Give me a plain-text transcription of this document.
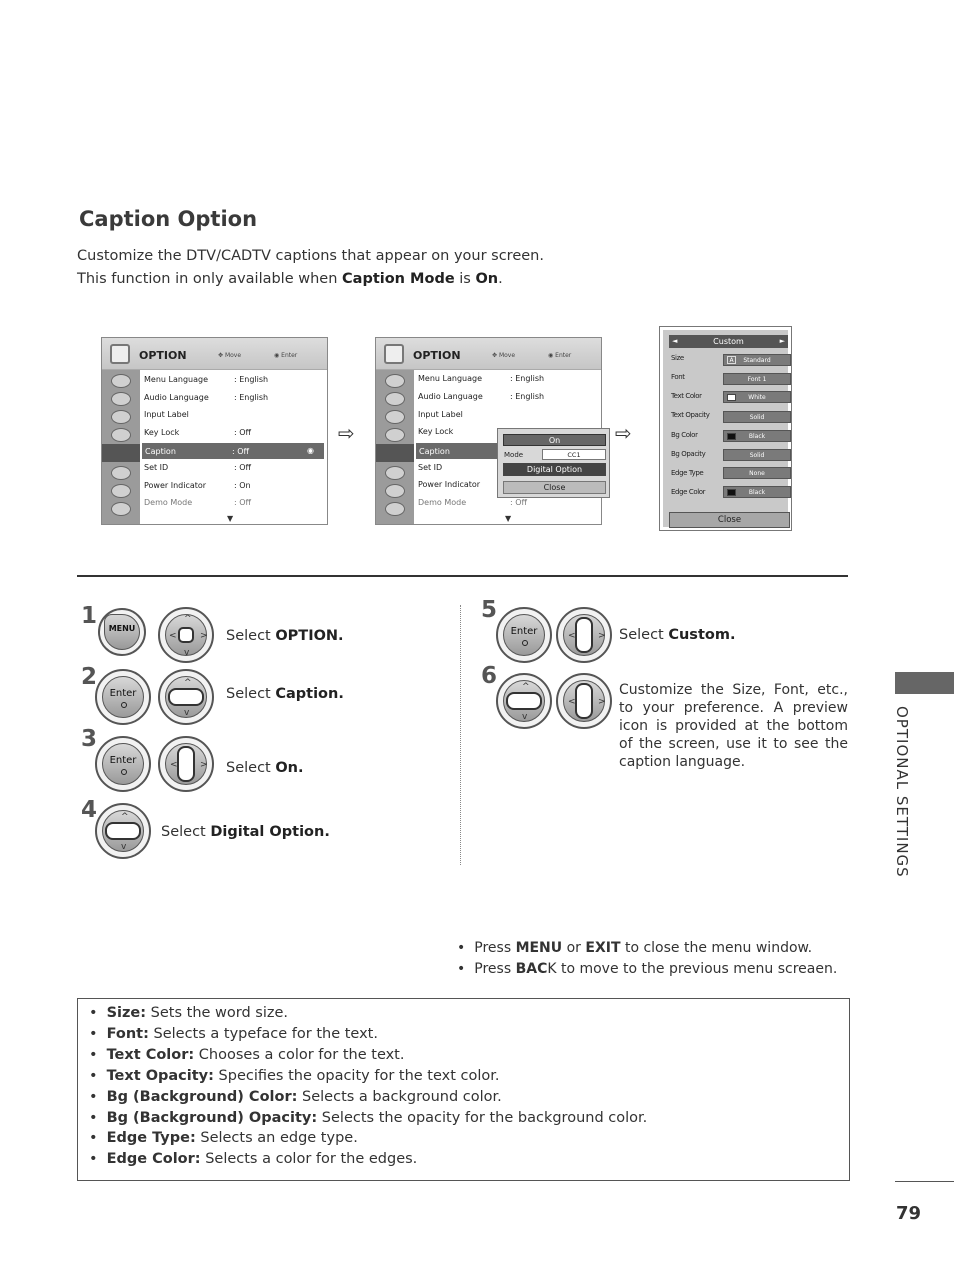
Caption Option
Customize the DTV/CADTV captions that appear on your screen.
This function in only available when Caption Mode is On.
OPTION	✥ Move	◉ Enter
Menu Language	: English
Audio Language	: English
Input Label
Key Lock	: Off
Caption	: Off	◉
Set ID	: Off
Power Indicator	: On
Demo Mode	: Off
▼
⇨
OPTION	✥ Move	◉ Enter
Menu Language	: English
Audio Language	: English
Input Label
Key Lock
Caption
Set ID
Power Indicator
Demo Mode	: Off
▼
On
Mode	CC1
Digital Option
Close
⇨
◄	Custom	►
Size	A	Standard
Font	Font 1
Text Color	White
Text Opacity	Solid
Bg Color	Black
Bg Opacity	Solid
Edge Type	None
Edge Color	Black
Close
1	MENU
^
v
<	> Select OPTION.
2
Enter
^
v
Select Caption.
3
Enter	< > Select On.
4	^
v
Select Digital Option.
5
Enter	< > Select Custom.
6	^
v
< >
Customize the Size, Font, etc., to your preference. A preview icon is provided at the bottom of the screen, use it to see the caption language.
• Press MENU or EXIT to close the menu window.
• Press BACK to move to the previous menu screaen.
• Size: Sets the word size.
• Font: Selects a typeface for the text.
• Text Color: Chooses a color for the text.
• Text Opacity: Specifies the opacity for the text color.
• Bg (Background) Color: Selects a background color.
• Bg (Background) Opacity: Selects the opacity for the background color.
• Edge Type: Selects an edge type.
• Edge Color: Selects a color for the edges.
OPTIONAL SETTINGS
79
